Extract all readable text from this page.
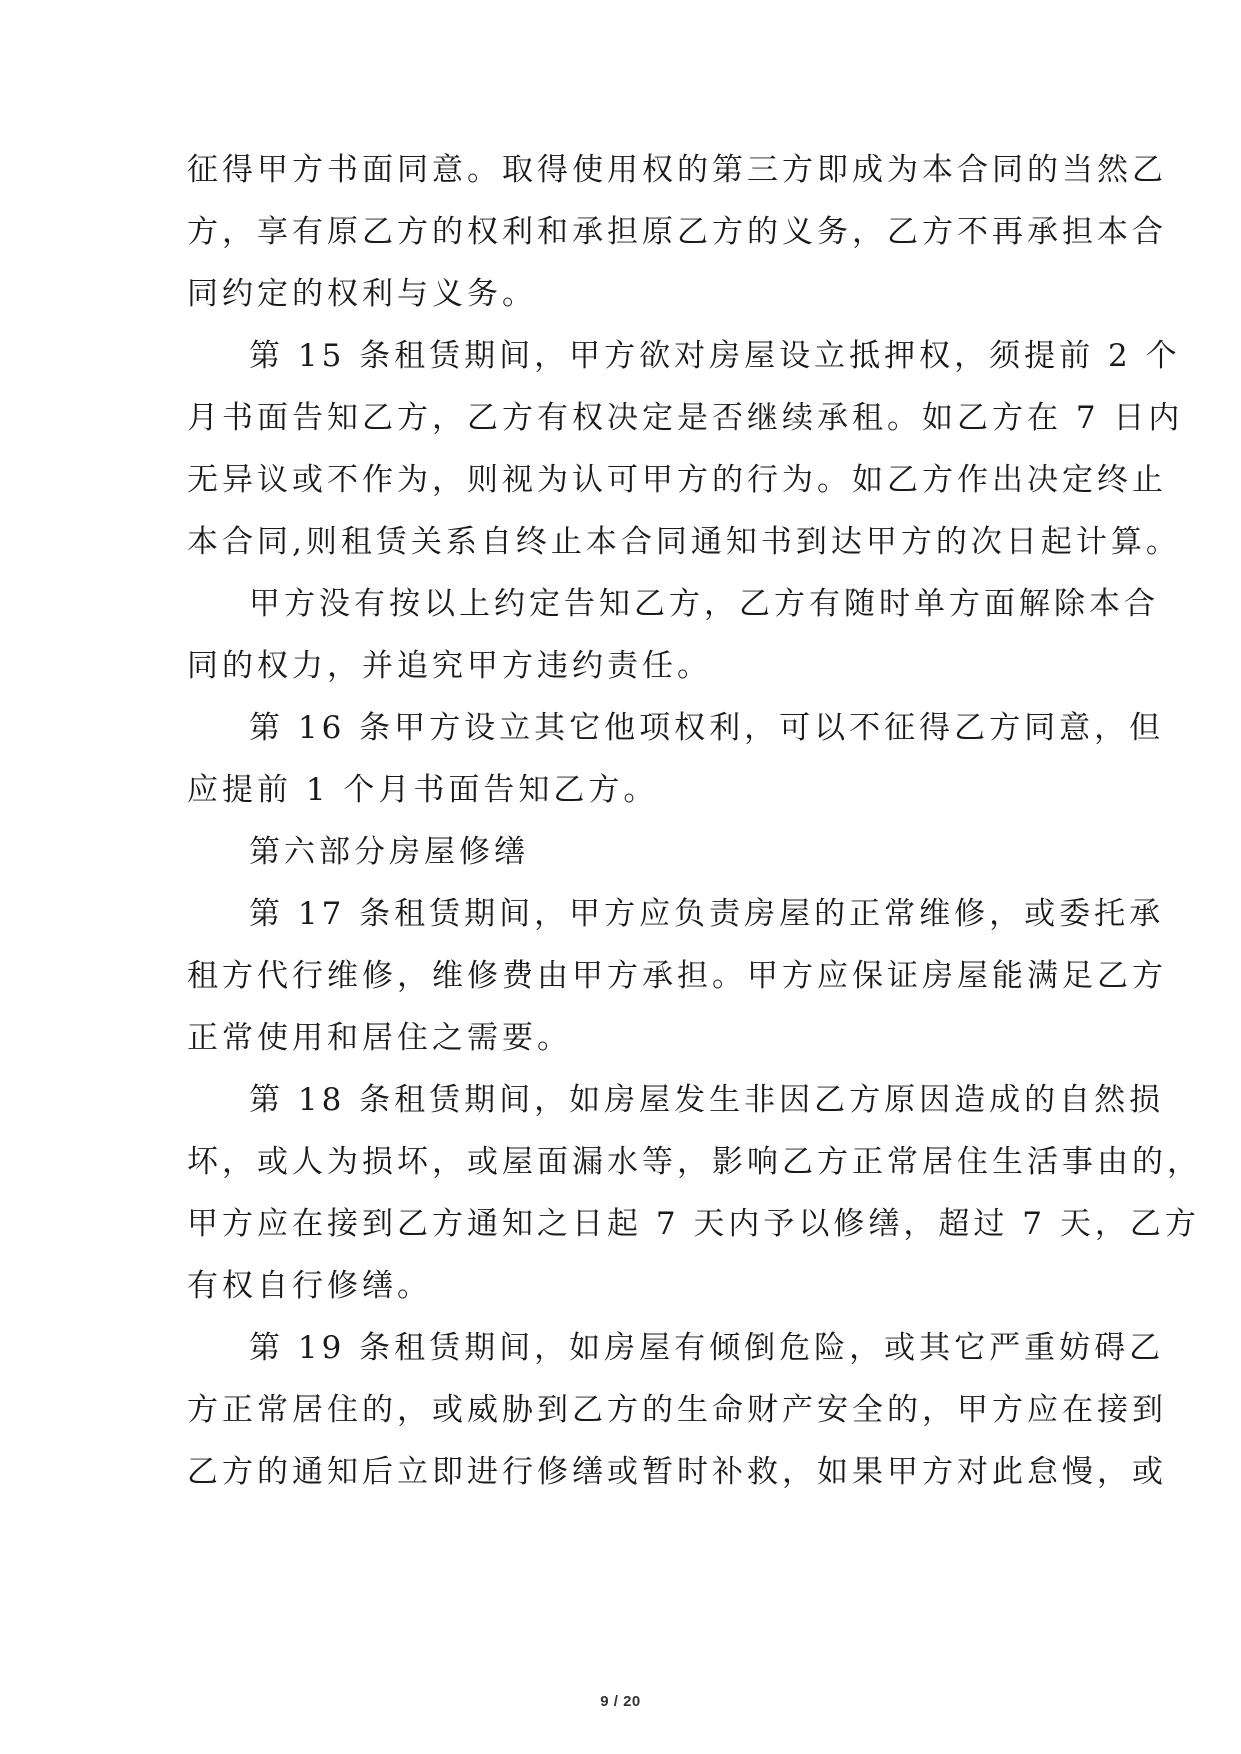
征得甲方书面同意。取得使用权的第三方即成为本合同的当然乙
方，享有原乙方的权利和承担原乙方的义务，乙方不再承担本合
同约定的权利与义务。
第 15 条租赁期间，甲方欲对房屋设立抵押权，须提前 2 个
月书面告知乙方，乙方有权决定是否继续承租。如乙方在 7 日内
无异议或不作为，则视为认可甲方的行为。如乙方作出决定终止
本合同,则租赁关系自终止本合同通知书到达甲方的次日起计算。
甲方没有按以上约定告知乙方，乙方有随时单方面解除本合
同的权力，并追究甲方违约责任。
第 16 条甲方设立其它他项权利，可以不征得乙方同意，但
应提前 1 个月书面告知乙方。
第六部分房屋修缮
第 17 条租赁期间，甲方应负责房屋的正常维修，或委托承
租方代行维修，维修费由甲方承担。甲方应保证房屋能满足乙方
正常使用和居住之需要。
第 18 条租赁期间，如房屋发生非因乙方原因造成的自然损
坏，或人为损坏，或屋面漏水等，影响乙方正常居住生活事由的，
甲方应在接到乙方通知之日起 7 天内予以修缮，超过 7 天，乙方
有权自行修缮。
第 19 条租赁期间，如房屋有倾倒危险，或其它严重妨碍乙
方正常居住的，或威胁到乙方的生命财产安全的，甲方应在接到
乙方的通知后立即进行修缮或暂时补救，如果甲方对此怠慢，或
9 / 20
